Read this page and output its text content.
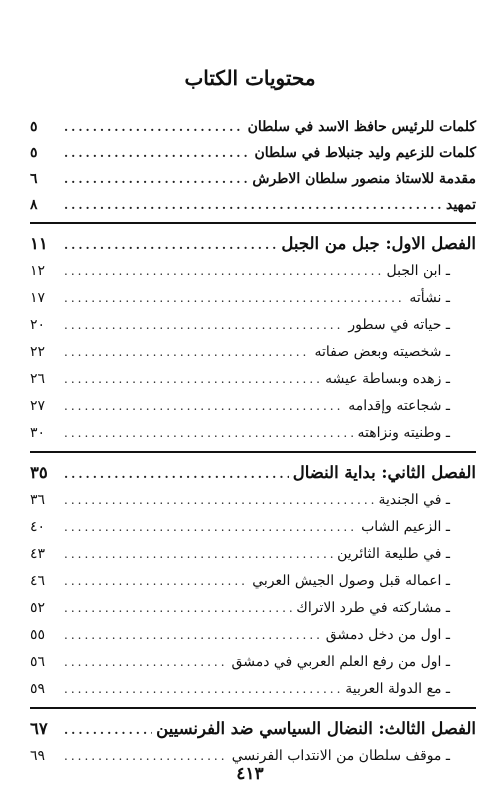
محتويات الكتاب
كلمات للرئيس حافظ الاسد في سلطان
.....
٥
كلمات للزعيم وليد جنبلاط في سلطان
.....
٥
مقدمة للاستاذ منصور سلطان الاطرش
.....
٦
تمهيد
.....
٨
الفصل الاول: جبل من الجبل
.....
١١
ـ ابن الجبل
.....
١٢
ـ نشأته
.....
١٧
ـ حياته في سطور
.....
٢٠
ـ شخصيته وبعض صفاته
.....
٢٢
ـ زهده وبساطة عيشه
.....
٢٦
ـ شجاعته وإقدامه
.....
٢٧
ـ وطنيته ونزاهته
.....
٣٠
الفصل الثاني: بداية النضال
.....
٣٥
ـ في الجندية
.....
٣٦
ـ الزعيم الشاب
.....
٤٠
ـ في طليعة الثائرين
.....
٤٣
ـ اعماله قبل وصول الجيش العربي
.....
٤٦
ـ مشاركته في طرد الاتراك
.....
٥٢
ـ اول من دخل دمشق
.....
٥٥
ـ اول من رفع العلم العربي في دمشق
.....
٥٦
ـ مع الدولة العربية
.....
٥٩
الفصل الثالث: النضال السياسي ضد الفرنسيين
.....
٦٧
ـ موقف سلطان من الانتداب الفرنسي
.....
٦٩
٤١٣
